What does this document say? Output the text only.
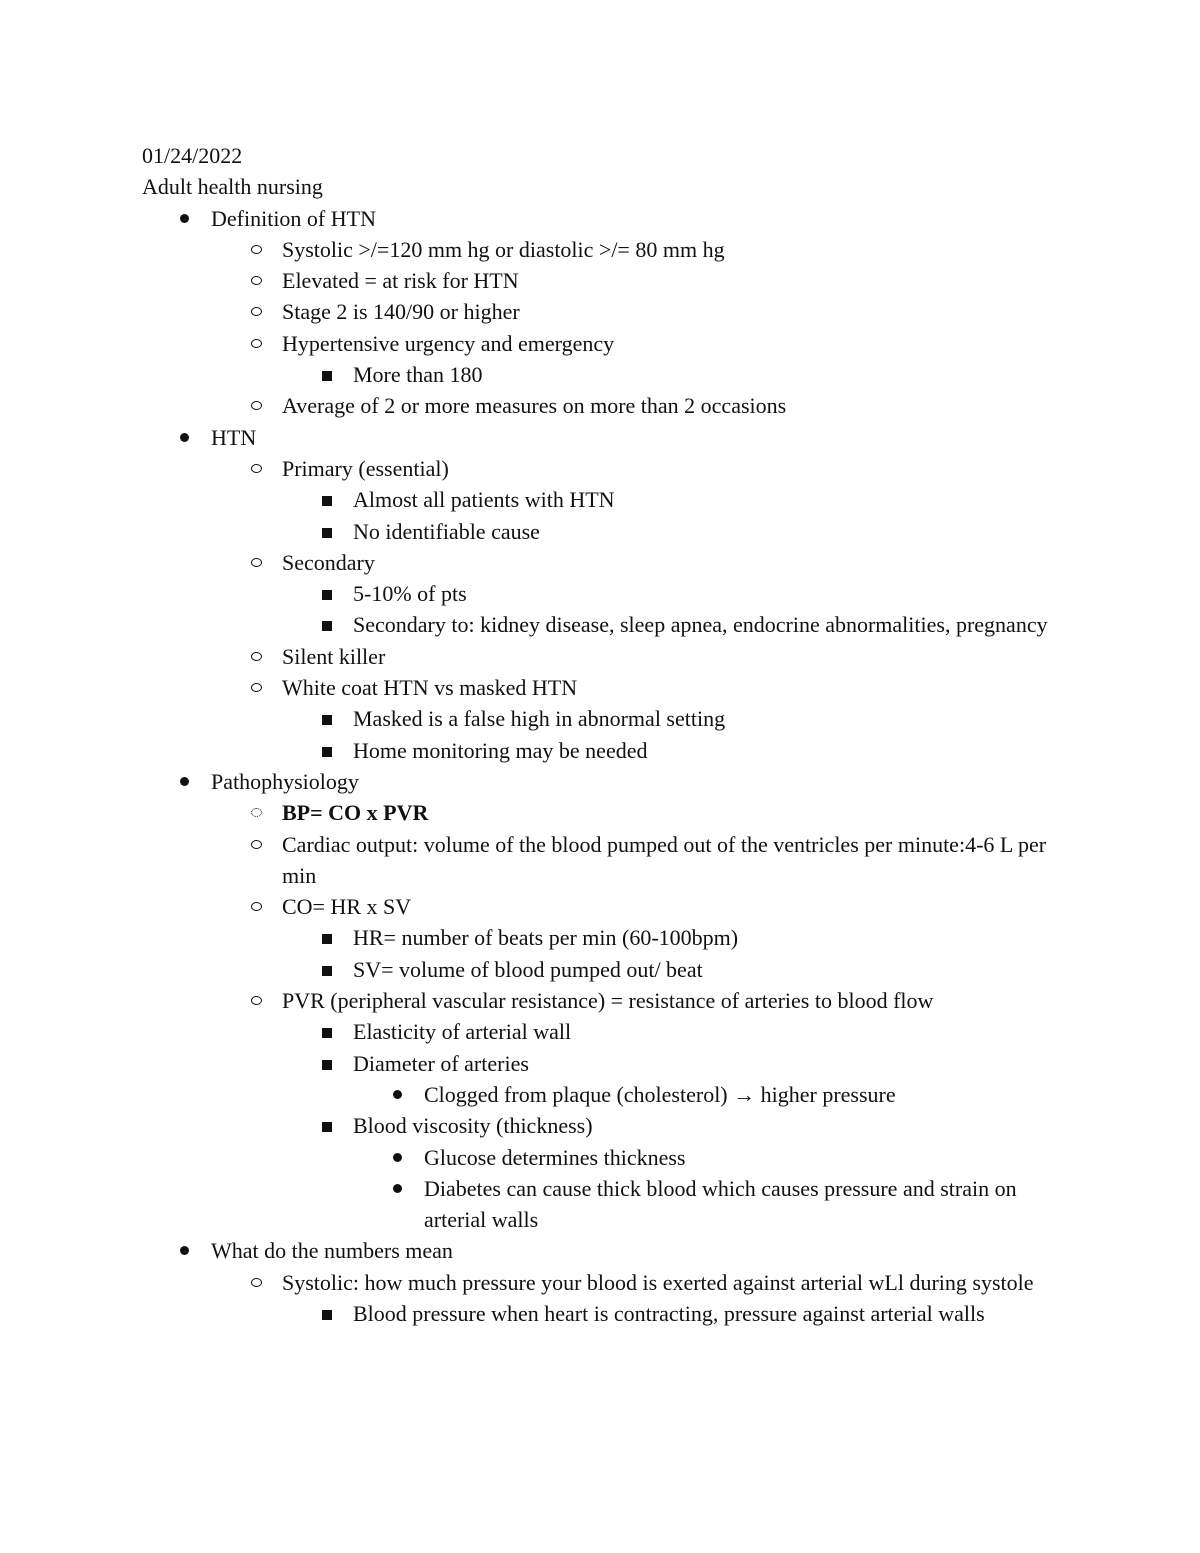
01/24/2022
Adult health nursing
Definition of HTN
Systolic >/=120 mm hg or diastolic >/= 80 mm hg
Elevated = at risk for HTN
Stage 2 is 140/90 or higher
Hypertensive urgency and emergency
More than 180
Average of 2 or more measures on more than 2 occasions
HTN
Primary (essential)
Almost all patients with HTN
No identifiable cause
Secondary
5-10% of pts
Secondary to: kidney disease, sleep apnea, endocrine abnormalities, pregnancy
Silent killer
White coat HTN vs masked HTN
Masked is a false high in abnormal setting
Home monitoring may be needed
Pathophysiology
BP= CO x PVR
Cardiac output: volume of the blood pumped out of the ventricles per minute:4-6 L per min
CO= HR x SV
HR= number of beats per min (60-100bpm)
SV= volume of blood pumped out/ beat
PVR (peripheral vascular resistance) = resistance of arteries to blood flow
Elasticity of arterial wall
Diameter of arteries
Clogged from plaque (cholesterol) → higher pressure
Blood viscosity (thickness)
Glucose determines thickness
Diabetes can cause thick blood which causes pressure and strain on arterial walls
What do the numbers mean
Systolic: how much pressure your blood is exerted against arterial wLl during systole
Blood pressure when heart is contracting, pressure against arterial walls
